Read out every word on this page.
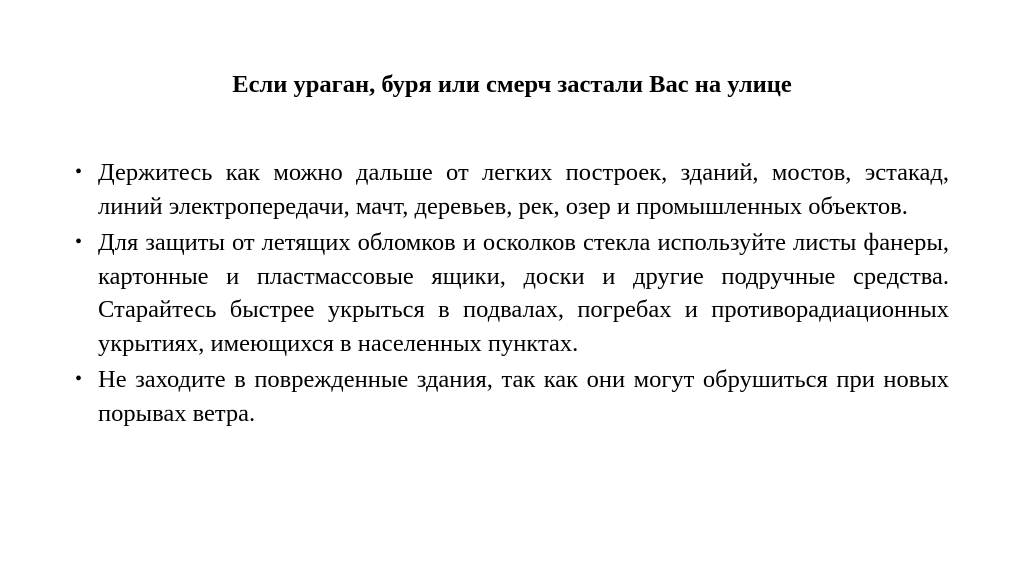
Если ураган, буря или смерч застали Вас на улице
• Держитесь как можно дальше от легких построек, зданий, мостов, эстакад, линий электропередачи, мачт, деревьев, рек, озер и промышленных объектов.
• Для защиты от летящих обломков и осколков стекла используйте листы фанеры, картонные и пластмассовые ящики, доски и другие подручные средства. Старайтесь быстрее укрыться в подвалах, погребах и противорадиационных укрытиях, имеющихся в населенных пунктах.
• Не заходите в поврежденные здания, так как они могут обрушиться при новых порывах ветра.
